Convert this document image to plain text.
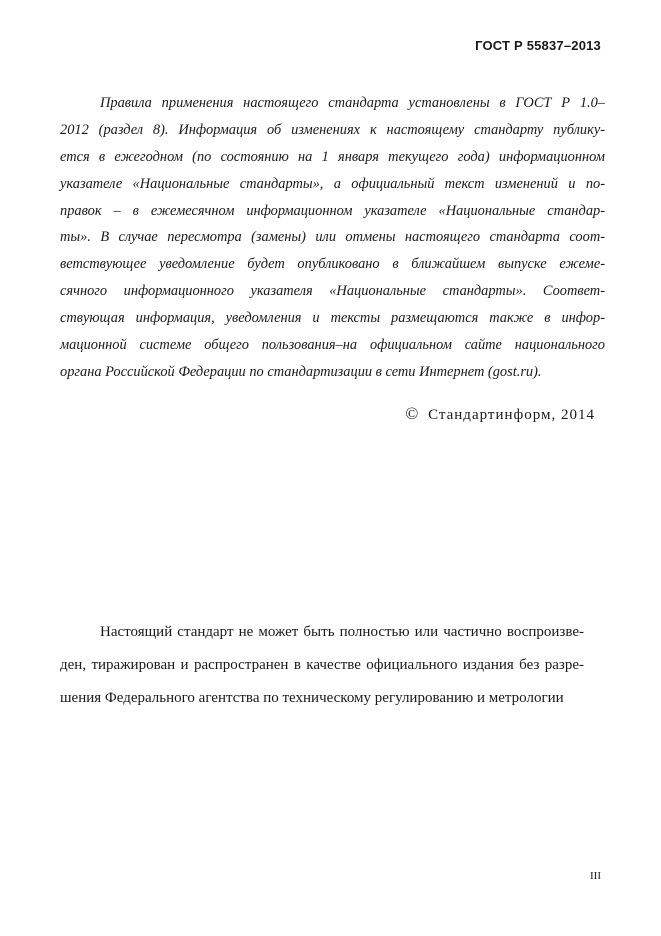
ГОСТ Р 55837–2013
Правила применения настоящего стандарта установлены в ГОСТ Р 1.0–
2012 (раздел 8). Информация об изменениях к настоящему стандарту публику-
ется в ежегодном (по состоянию на 1 января текущего года) информационном
указателе «Национальные стандарты», а официальный текст изменений и по-
правок – в ежемесячном информационном указателе «Национальные стандар-
ты». В случае пересмотра (замены) или отмены настоящего стандарта соот-
ветствующее уведомление будет опубликовано в ближайшем выпуске ежеме-
сячного информационного указателя «Национальные стандарты». Соответ-
ствующая информация, уведомления и тексты размещаются также в инфор-
мационной системе общего пользования–на официальном сайте национального
органа Российской Федерации по стандартизации в сети Интернет (gost.ru).
© Стандартинформ, 2014
Настоящий стандарт не может быть полностью или частично воспроизве-
ден, тиражирован и распространен в качестве официального издания без разре-
шения Федерального агентства по техническому регулированию и метрологии
III
